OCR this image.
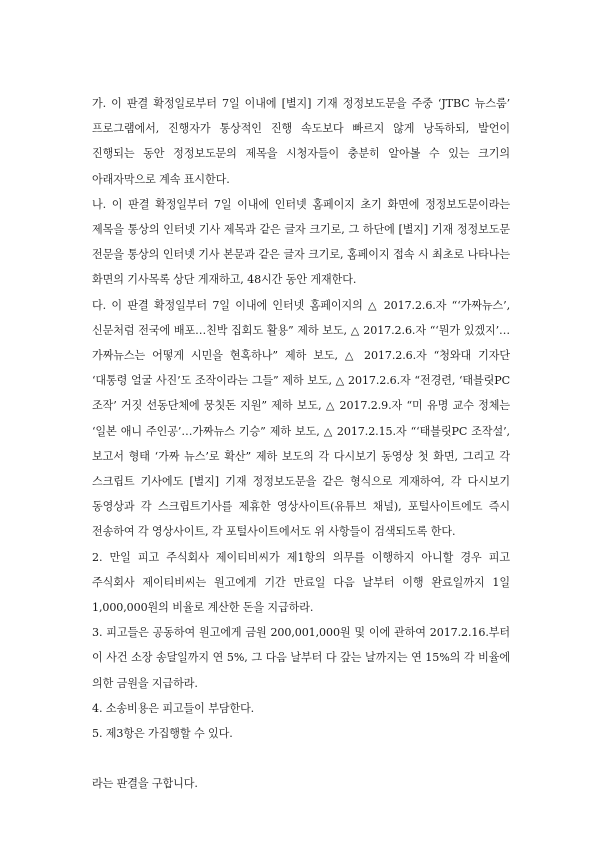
가. 이 판결 확정일로부터 7일 이내에 [별지] 기재 정정보도문을 주중 ‘JTBC 뉴스룸’ 프로그램에서, 진행자가 통상적인 진행 속도보다 빠르지 않게 낭독하되, 발언이 진행되는 동안 정정보도문의 제목을 시청자들이 충분히 알아볼 수 있는 크기의 아래자막으로 계속 표시한다.

나. 이 판결 확정일부터 7일 이내에 인터넷 홈페이지 초기 화면에 정정보도문이라는 제목을 통상의 인터넷 기사 제목과 같은 글자 크기로, 그 하단에 [별지] 기재 정정보도문 전문을 통상의 인터넷 기사 본문과 같은 글자 크기로, 홈페이지 접속 시 최초로 나타나는 화면의 기사목록 상단 게재하고, 48시간 동안 게재한다.

다. 이 판결 확정일부터 7일 이내에 인터넷 홈페이지의 △ 2017.2.6.자 “‘가짜뉴스’, 신문처럼 전국에 배포…친박 집회도 활용” 제하 보도, △ 2017.2.6.자 “‘뭔가 있겠지’…가짜뉴스는 어떻게 시민을 현혹하나” 제하 보도, △ 2017.2.6.자 “청와대 기자단 ‘대통령 얼굴 사진’도 조작이라는 그들” 제하 보도, △ 2017.2.6.자 “전경련, ‘태블릿PC 조작’ 거짓 선동단체에 뭉칫돈 지원” 제하 보도, △ 2017.2.9.자 “미 유명 교수 정체는 ‘일본 애니 주인공’…가짜뉴스 기승” 제하 보도, △ 2017.2.15.자 “‘태블릿PC 조작설’, 보고서 형태 ‘가짜 뉴스’로 확산” 제하 보도의 각 다시보기 동영상 첫 화면, 그리고 각 스크립트 기사에도 [별지] 기재 정정보도문을 같은 형식으로 게재하여, 각 다시보기 동영상과 각 스크립트기사를 제휴한 영상사이트(유튜브 채널), 포털사이트에도 즉시 전송하여 각 영상사이트, 각 포털사이트에서도 위 사항들이 검색되도록 한다.

2. 만일 피고 주식회사 제이티비씨가 제1항의 의무를 이행하지 아니할 경우 피고 주식회사 제이티비씨는 원고에게 기간 만료일 다음 날부터 이행 완료일까지 1일 1,000,000원의 비율로 계산한 돈을 지급하라.

3. 피고들은 공동하여 원고에게 금원 200,001,000원 및 이에 관하여 2017.2.16.부터 이 사건 소장 송달일까지 연 5%, 그 다음 날부터 다 갚는 날까지는 연 15%의 각 비율에 의한 금원을 지급하라.

4. 소송비용은 피고들이 부담한다.

5. 제3항은 가집행할 수 있다.

라는 판결을 구합니다.
